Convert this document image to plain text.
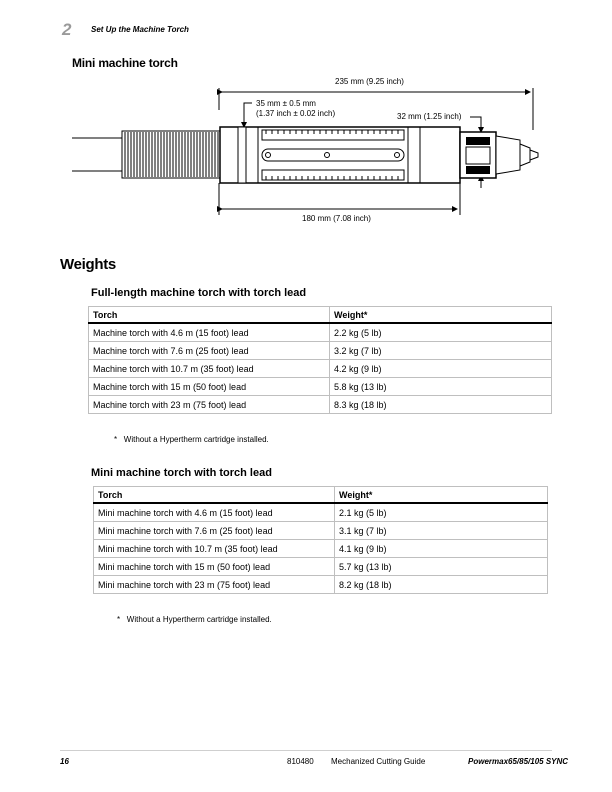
2 Set Up the Machine Torch
Mini machine torch
235 mm (9.25 inch)
35 mm ± 0.5 mm
(1.37 inch ± 0.02 inch)	32 mm (1.25 inch)
180 mm (7.08 inch)
Weights
Full-length machine torch with torch lead
Torch	Weight*
Machine torch with 4.6 m (15 foot) lead	2.2 kg (5 lb)
Machine torch with 7.6 m (25 foot) lead	3.2 kg (7 lb)
Machine torch with 10.7 m (35 foot) lead	4.2 kg (9 lb)
Machine torch with 15 m (50 foot) lead	5.8 kg (13 lb)
Machine torch with 23 m (75 foot) lead	8.3 kg (18 lb)
* Without a Hypertherm cartridge installed.
Mini machine torch with torch lead
Torch	Weight*
Mini machine torch with 4.6 m (15 foot) lead	2.1 kg (5 lb)
Mini machine torch with 7.6 m (25 foot) lead	3.1 kg (7 lb)
Mini machine torch with 10.7 m (35 foot) lead	4.1 kg (9 lb)
Mini machine torch with 15 m (50 foot) lead	5.7 kg (13 lb)
Mini machine torch with 23 m (75 foot) lead	8.2 kg (18 lb)
* Without a Hypertherm cartridge installed.
16	810480 Mechanized Cutting Guide	Powermax65/85/105 SYNC
